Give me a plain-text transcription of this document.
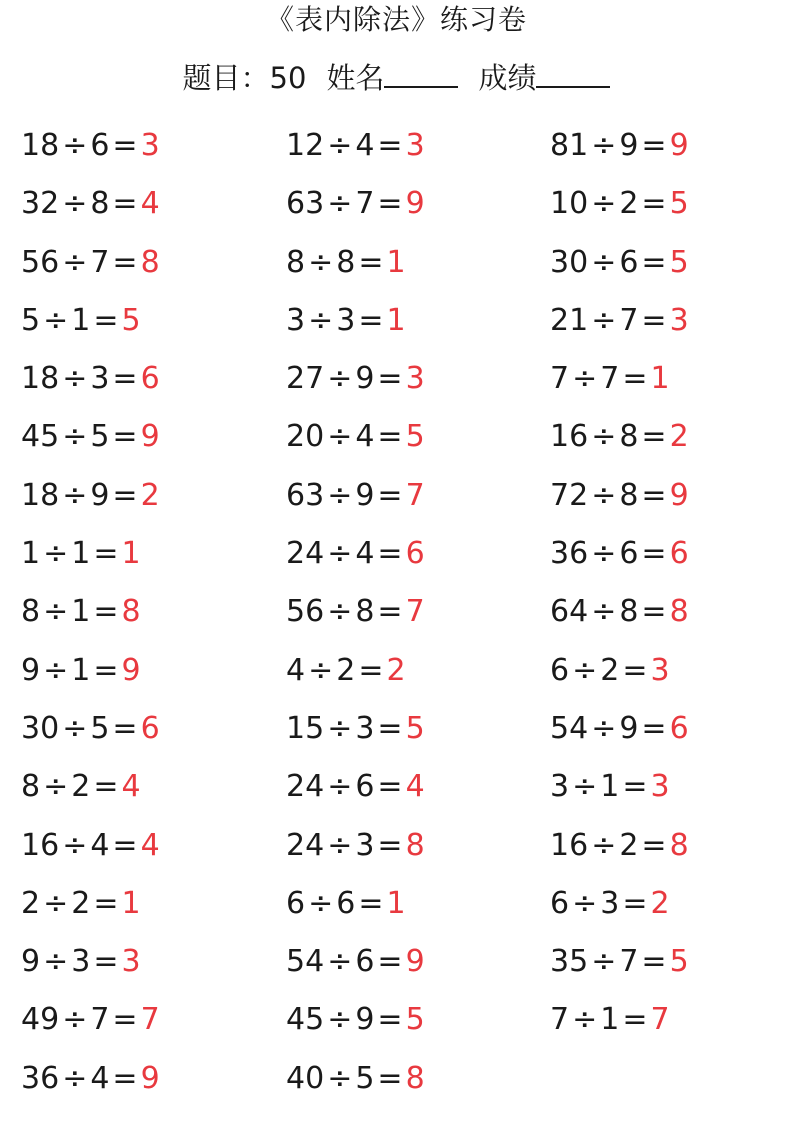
《表内除法》练习卷
题目：50 姓名	成绩
18 ÷ 6 = 3
32 ÷ 8 = 4
56 ÷ 7 = 8
5 ÷ 1 = 5
18 ÷ 3 = 6
45 ÷ 5 = 9
18 ÷ 9 = 2
1 ÷ 1 = 1
8 ÷ 1 = 8
9 ÷ 1 = 9
30 ÷ 5 = 6
8 ÷ 2 = 4
16 ÷ 4 = 4
2 ÷ 2 = 1
9 ÷ 3 = 3
49 ÷ 7 = 7
36 ÷ 4 = 9
12 ÷ 4 = 3
63 ÷ 7 = 9
8 ÷ 8 = 1
3 ÷ 3 = 1
27 ÷ 9 = 3
20 ÷ 4 = 5
63 ÷ 9 = 7
24 ÷ 4 = 6
56 ÷ 8 = 7
4 ÷ 2 = 2
15 ÷ 3 = 5
24 ÷ 6 = 4
24 ÷ 3 = 8
6 ÷ 6 = 1
54 ÷ 6 = 9
45 ÷ 9 = 5
40 ÷ 5 = 8
81 ÷ 9 = 9
10 ÷ 2 = 5
30 ÷ 6 = 5
21 ÷ 7 = 3
7 ÷ 7 = 1
16 ÷ 8 = 2
72 ÷ 8 = 9
36 ÷ 6 = 6
64 ÷ 8 = 8
6 ÷ 2 = 3
54 ÷ 9 = 6
3 ÷ 1 = 3
16 ÷ 2 = 8
6 ÷ 3 = 2
35 ÷ 7 = 5
7 ÷ 1 = 7
